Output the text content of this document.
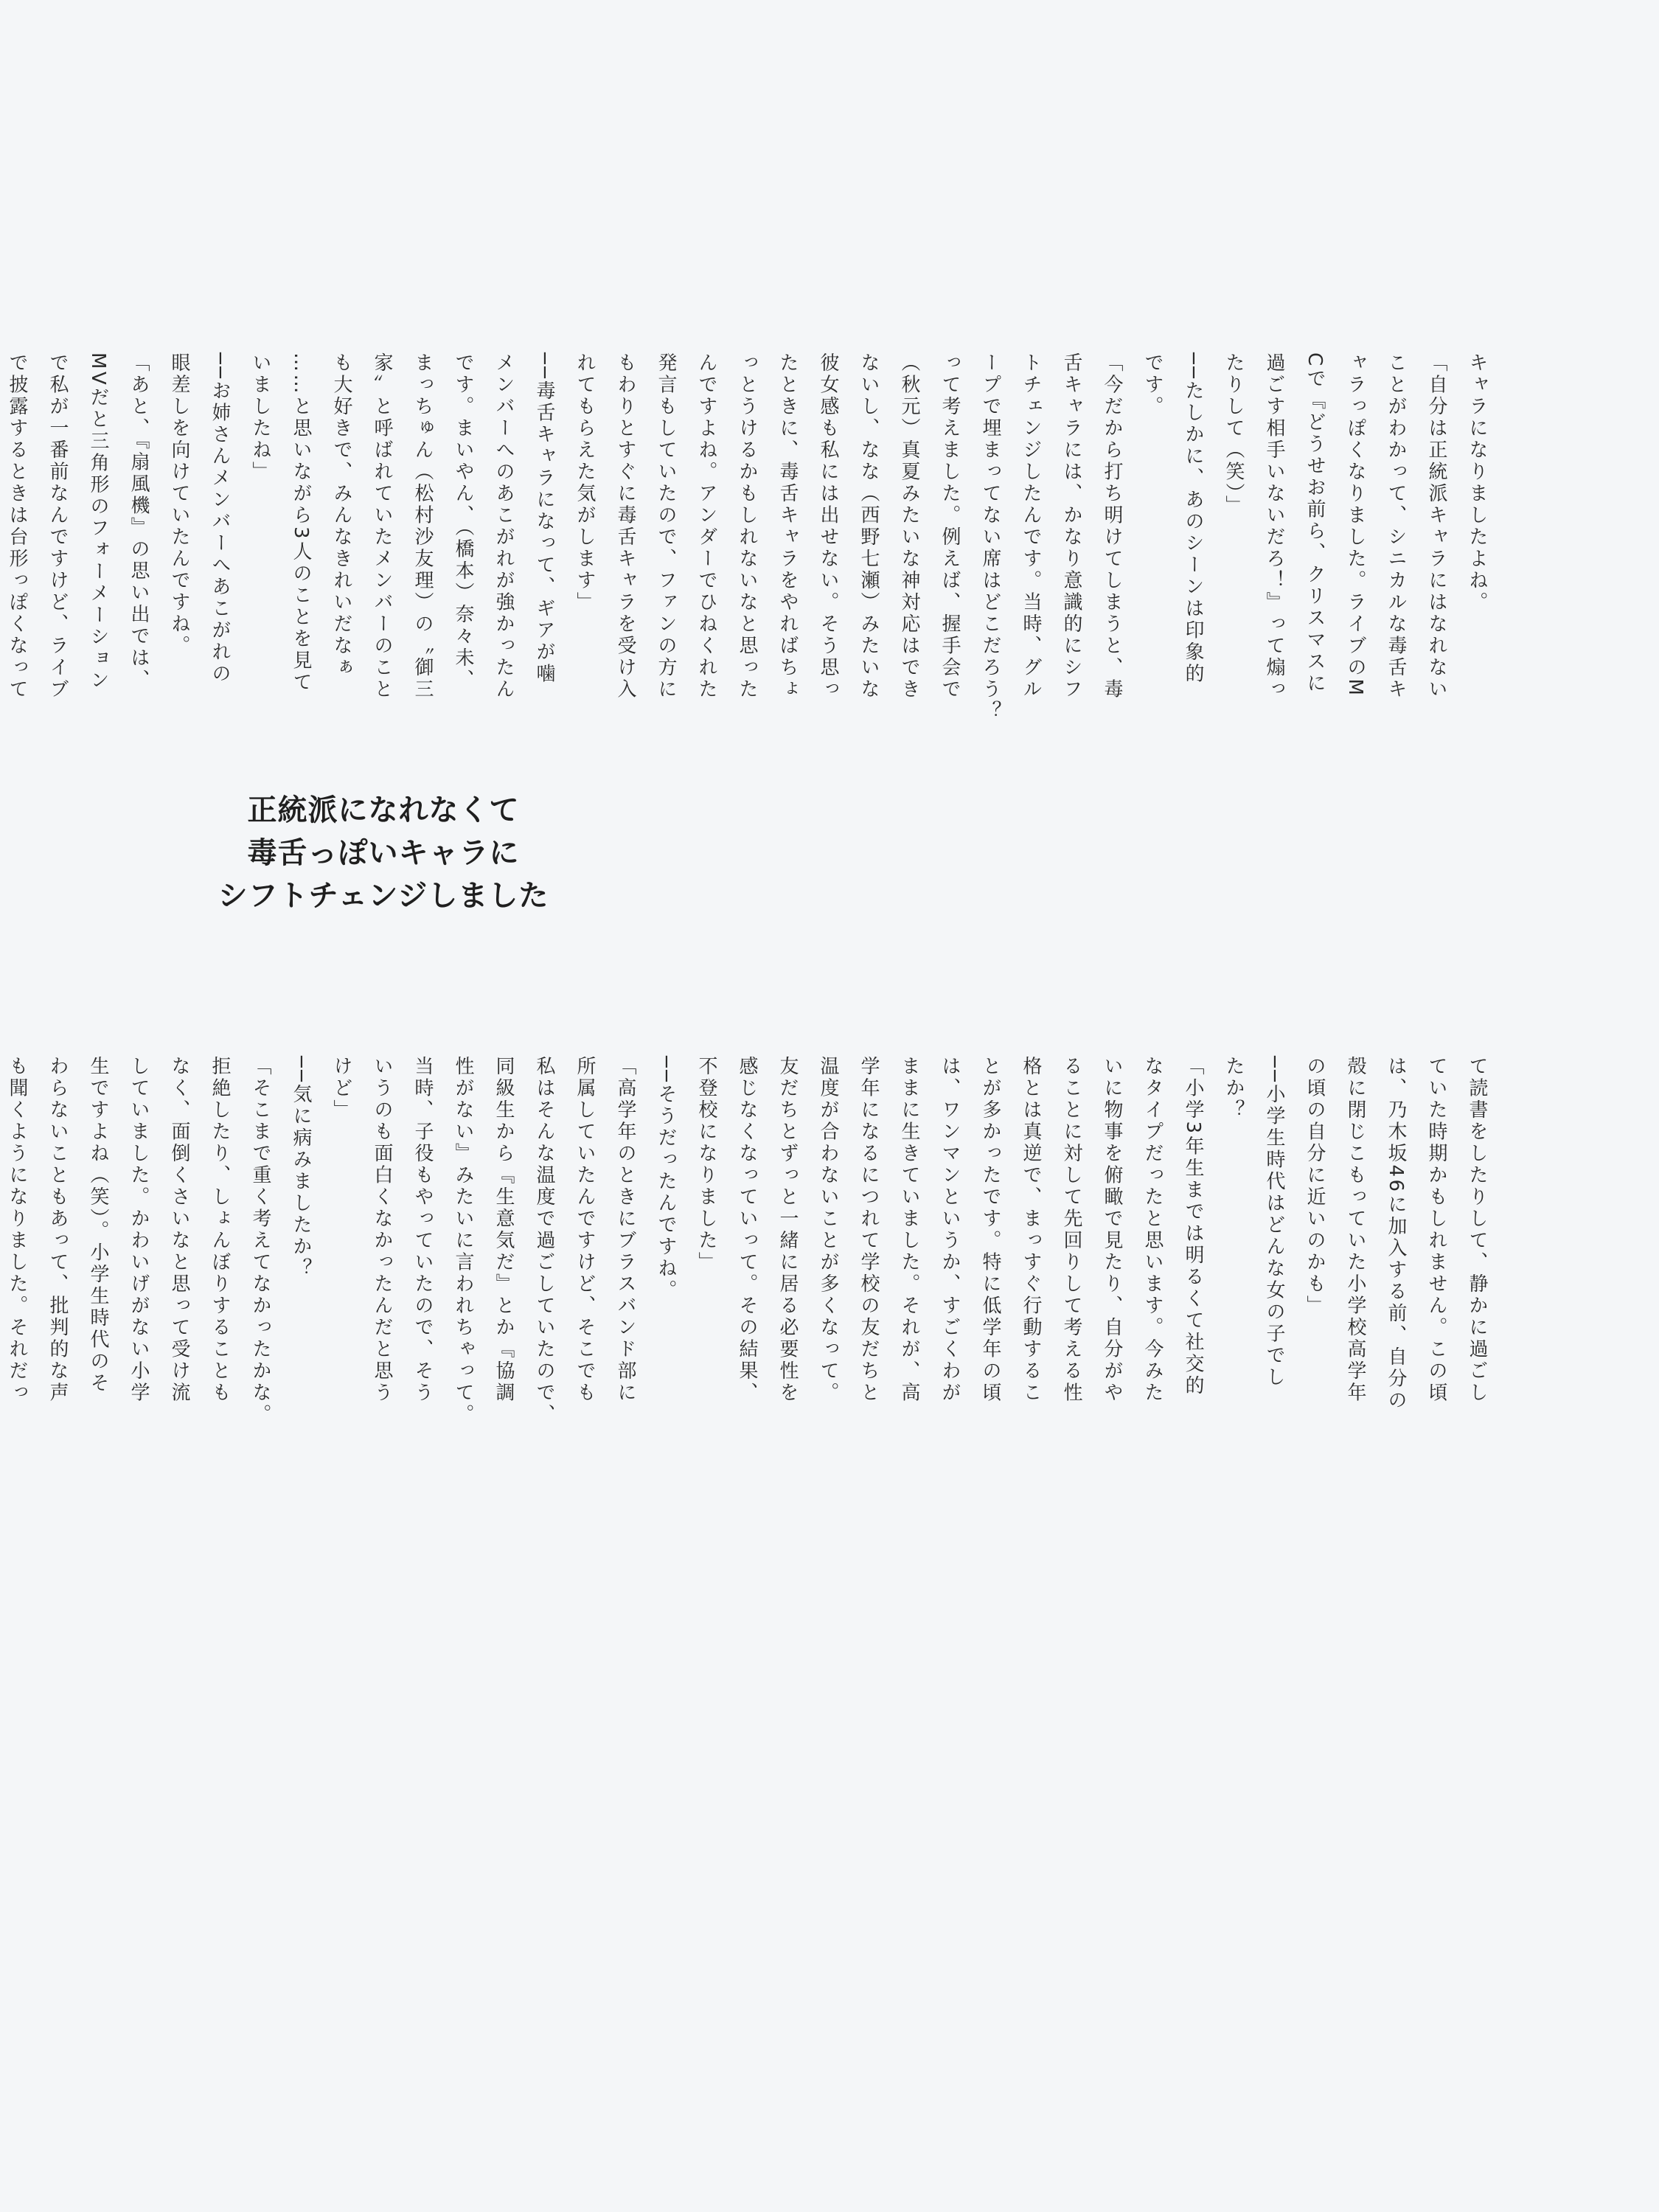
キャラになりましたよね。
「自分は正統派キャラにはなれない
ことがわかって、シニカルな毒舌キ
ャラっぽくなりました。ライブのM
Cで『どうせお前ら、クリスマスに
過ごす相手いないだろ！』って煽っ
たりして（笑）」
──たしかに、あのシーンは印象的
です。
「今だから打ち明けてしまうと、毒
舌キャラには、かなり意識的にシフ
トチェンジしたんです。当時、グル
ープで埋まってない席はどこだろう？
って考えました。例えば、握手会で
（秋元）真夏みたいな神対応はでき
ないし、なな（西野七瀬）みたいな
彼女感も私には出せない。そう思っ
たときに、毒舌キャラをやればちょ
っとうけるかもしれないなと思った
んですよね。アンダーでひねくれた
発言もしていたので、ファンの方に
もわりとすぐに毒舌キャラを受け入
れてもらえた気がします」
──毒舌キャラになって、ギアが噛
メンバーへのあこがれが強かったん
です。まいやん、（橋本）奈々未、
まっちゅん（松村沙友理）の〝御三
家〟と呼ばれていたメンバーのこと
も大好きで、みんなきれいだなぁ
……と思いながら3人のことを見て
いましたね」
──お姉さんメンバーへあこがれの
眼差しを向けていたんですね。
「あと、『扇風機』の思い出では、
MVだと三角形のフォーメーション
で私が一番前なんですけど、ライブ
で披露するときは台形っぽくなって
正統派になれなくて
毒舌っぽいキャラに
シフトチェンジしました
て読書をしたりして、静かに過ごし
ていた時期かもしれません。この頃
は、乃木坂46に加入する前、自分の
殻に閉じこもっていた小学校高学年
の頃の自分に近いのかも」
──小学生時代はどんな女の子でし
たか？
「小学3年生までは明るくて社交的
なタイプだったと思います。今みた
いに物事を俯瞰で見たり、自分がや
ることに対して先回りして考える性
格とは真逆で、まっすぐ行動するこ
とが多かったです。特に低学年の頃
は、ワンマンというか、すごくわが
ままに生きていました。それが、高
学年になるにつれて学校の友だちと
温度が合わないことが多くなって。
友だちとずっと一緒に居る必要性を
感じなくなっていって。その結果、
不登校になりました」
──そうだったんですね。
「高学年のときにブラスバンド部に
所属していたんですけど、そこでも
私はそんな温度で過ごしていたので、
同級生から『生意気だ』とか『協調
性がない』みたいに言われちゃって。
当時、子役もやっていたので、そう
いうのも面白くなかったんだと思う
けど」
──気に病みましたか？
「そこまで重く考えてなかったかな。
拒絶したり、しょんぼりすることも
なく、面倒くさいなと思って受け流
していました。かわいげがない小学
生ですよね（笑）。小学生時代のそ
わらないこともあって、批判的な声
も聞くようになりました。それだっ
